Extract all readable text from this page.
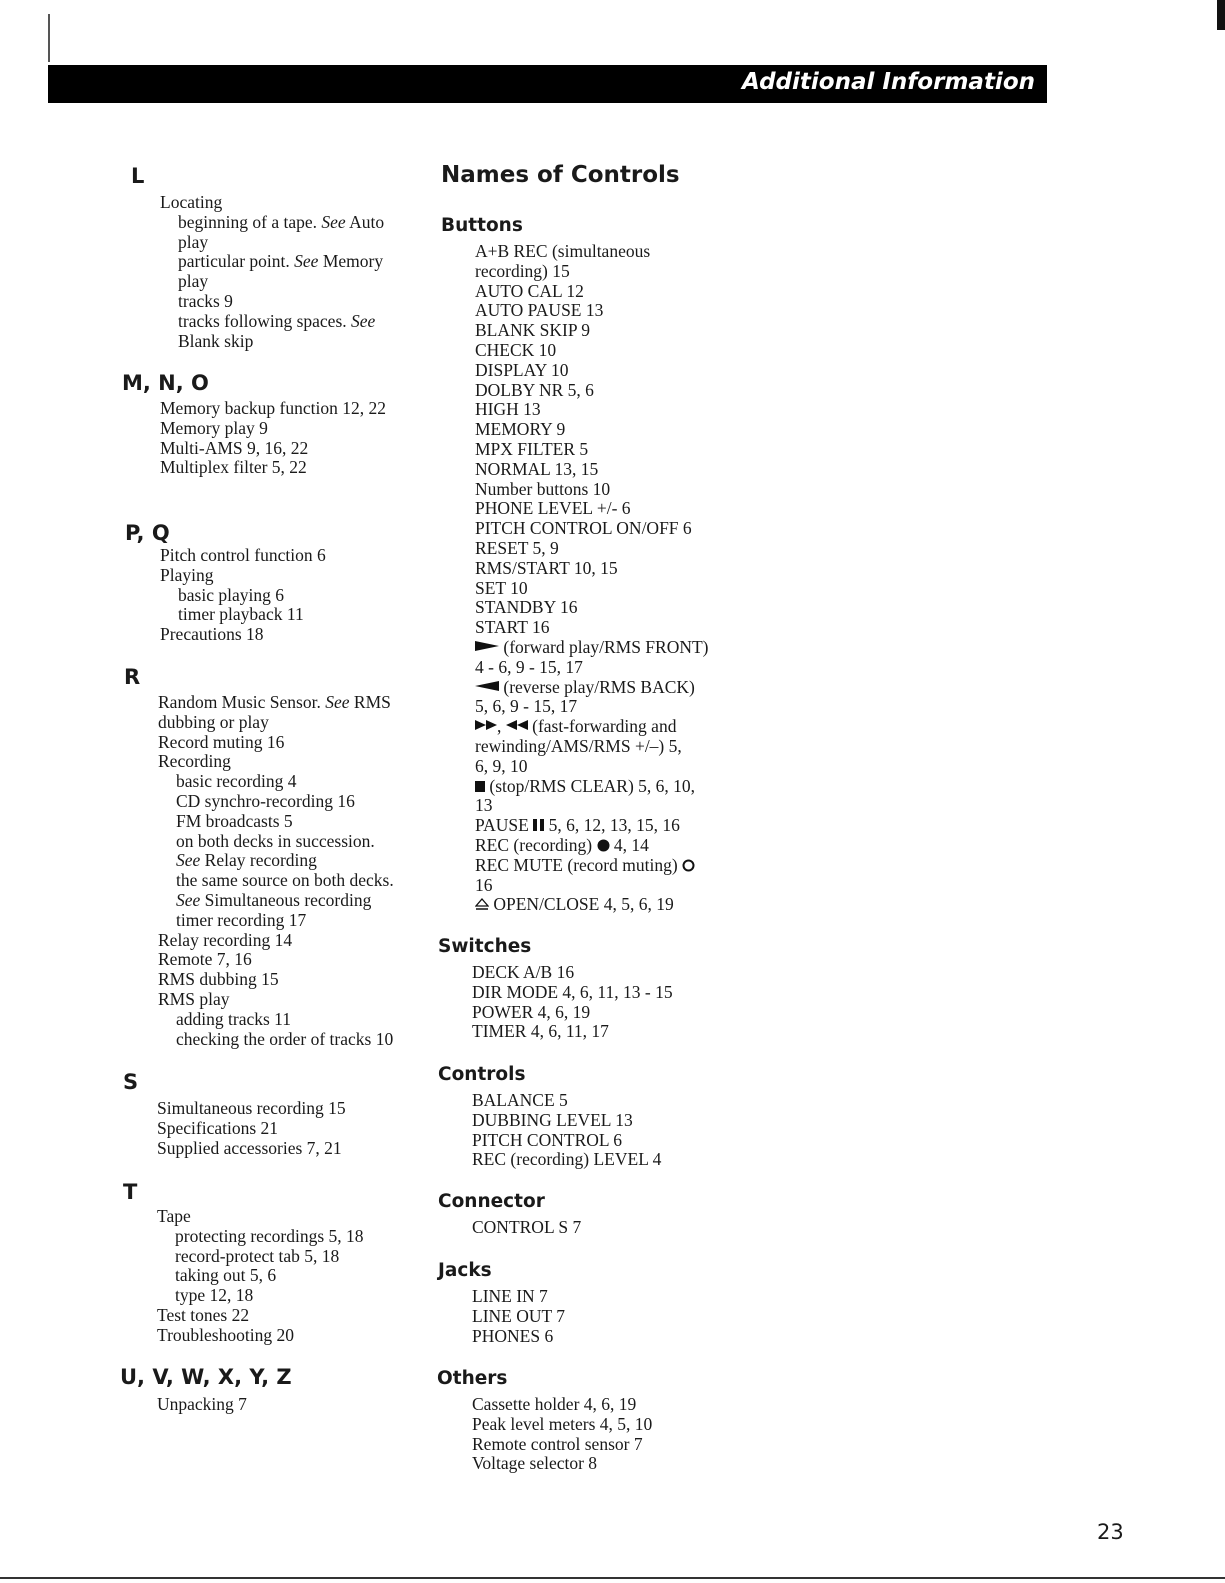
Additional Information
L
Locating
beginning of a tape. See Auto
play
particular point. See Memory
play
tracks 9
tracks following spaces. See
Blank skip
M, N, O
Memory backup function 12, 22
Memory play 9
Multi-AMS 9, 16, 22
Multiplex filter 5, 22
P, Q
Pitch control function 6
Playing
basic playing 6
timer playback 11
Precautions 18
R
Random Music Sensor. See RMS
dubbing or play
Record muting 16
Recording
basic recording 4
CD synchro-recording 16
FM broadcasts 5
on both decks in succession.
See Relay recording
the same source on both decks.
See Simultaneous recording
timer recording 17
Relay recording 14
Remote 7, 16
RMS dubbing 15
RMS play
adding tracks 11
checking the order of tracks 10
S
Simultaneous recording 15
Specifications 21
Supplied accessories 7, 21
T
Tape
protecting recordings 5, 18
record-protect tab 5, 18
taking out 5, 6
type 12, 18
Test tones 22
Troubleshooting 20
U, V, W, X, Y, Z
Unpacking 7
Names of Controls
Buttons
A+B REC (simultaneous
recording) 15
AUTO CAL 12
AUTO PAUSE 13
BLANK SKIP 9
CHECK 10
DISPLAY 10
DOLBY NR 5, 6
HIGH 13
MEMORY 9
MPX FILTER 5
NORMAL 13, 15
Number buttons 10
PHONE LEVEL +/- 6
PITCH CONTROL ON/OFF 6
RESET 5, 9
RMS/START 10, 15
SET 10
STANDBY 16
START 16
(forward play/RMS FRONT)
4 - 6, 9 - 15, 17
(reverse play/RMS BACK)
5, 6, 9 - 15, 17
,  (fast-forwarding and
rewinding/AMS/RMS +/–) 5,
6, 9, 10
(stop/RMS CLEAR) 5, 6, 10,
13
PAUSE 5, 6, 12, 13, 15, 16
REC (recording) 4, 14
REC MUTE (record muting)
16
OPEN/CLOSE 4, 5, 6, 19
Switches
DECK A/B 16
DIR MODE 4, 6, 11, 13 - 15
POWER 4, 6, 19
TIMER 4, 6, 11, 17
Controls
BALANCE 5
DUBBING LEVEL 13
PITCH CONTROL 6
REC (recording) LEVEL 4
Connector
CONTROL S 7
Jacks
LINE IN 7
LINE OUT 7
PHONES 6
Others
Cassette holder 4, 6, 19
Peak level meters 4, 5, 10
Remote control sensor 7
Voltage selector 8
23
